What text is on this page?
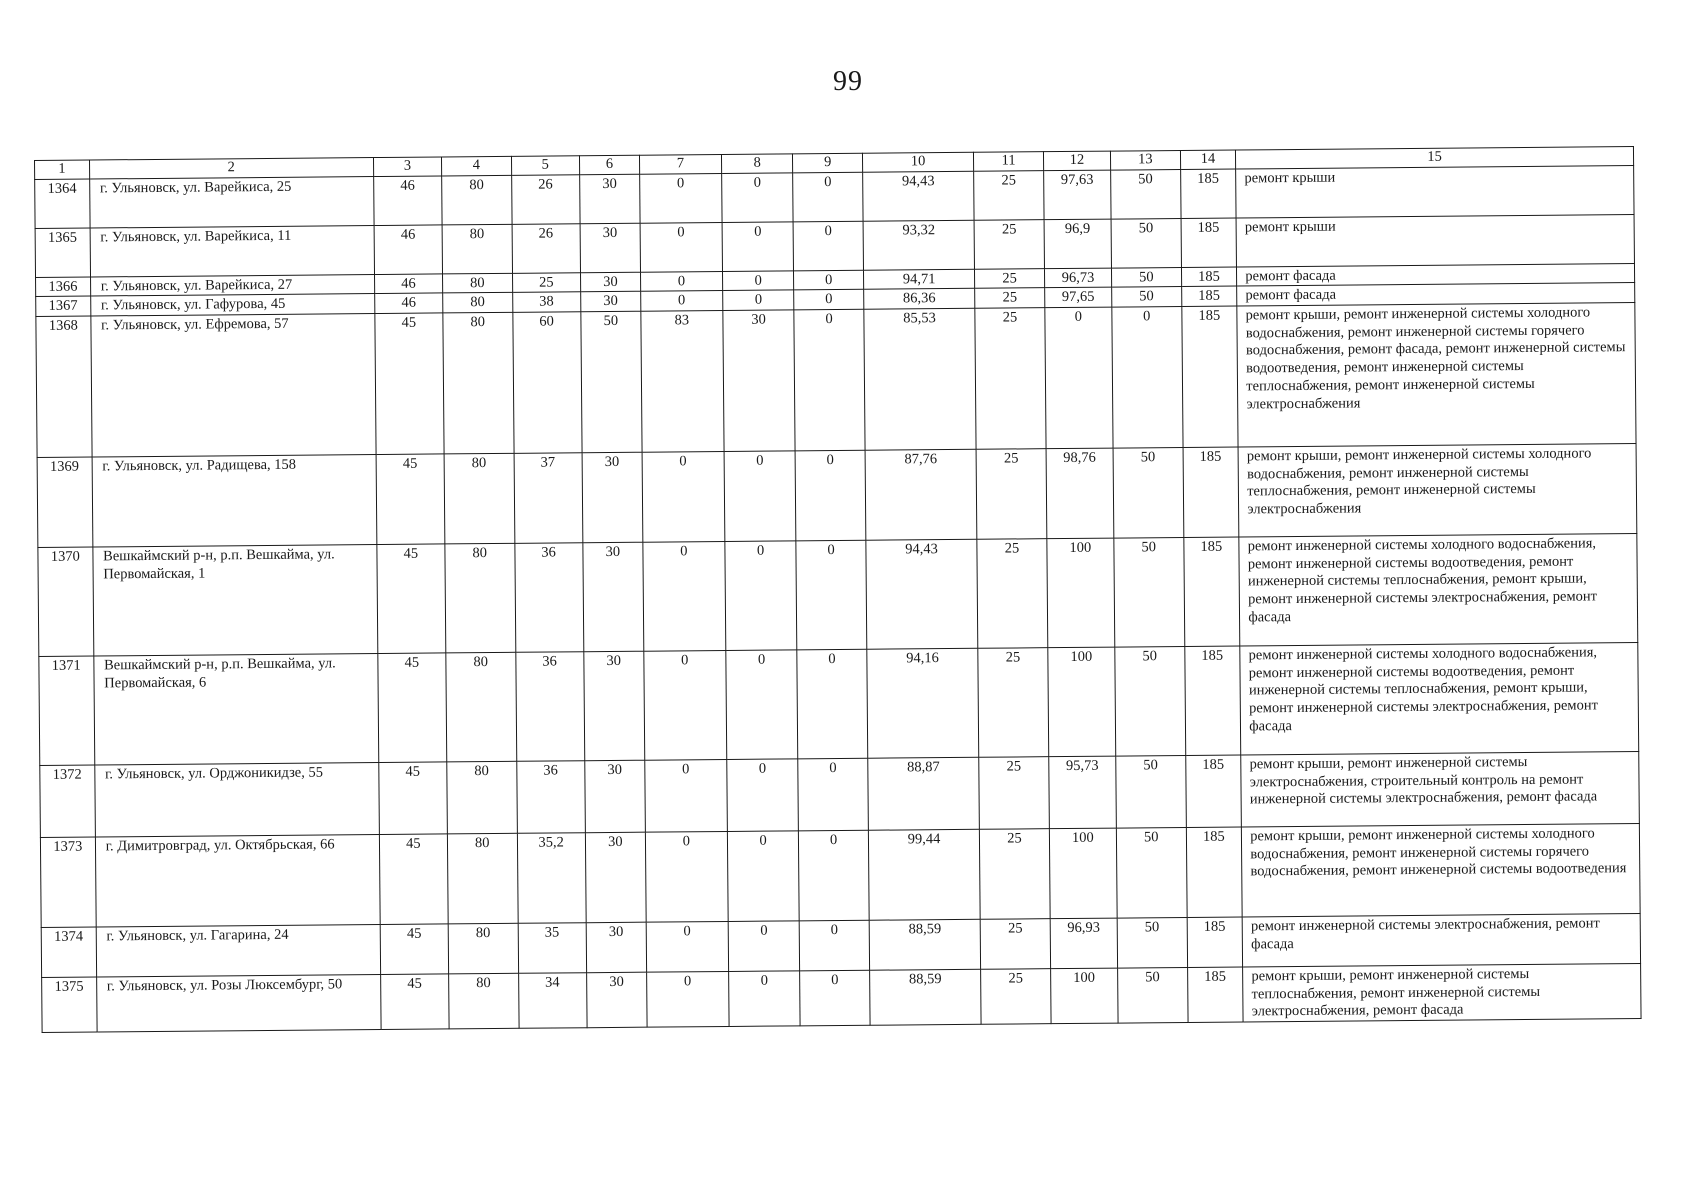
99
1	2	3	4	5	6	7	8	9	10	11	12	13	14	15
1364	г. Ульяновск, ул. Варейкиса, 25	46	80	26	30	0	0	0	94,43	25	97,63	50	185	ремонт крыши
1365	г. Ульяновск, ул. Варейкиса, 11	46	80	26	30	0	0	0	93,32	25	96,9	50	185	ремонт крыши
1366	г. Ульяновск, ул. Варейкиса, 27	46	80	25	30	0	0	0	94,71	25	96,73	50	185	ремонт фасада
1367	г. Ульяновск, ул. Гафурова, 45	46	80	38	30	0	0	0	86,36	25	97,65	50	185	ремонт фасада
1368	г. Ульяновск, ул. Ефремова, 57	45	80	60	50	83	30	0	85,53	25	0	0	185	ремонт крыши, ремонт инженерной системы холодного водоснабжения, ремонт инженерной системы горячего водоснабжения, ремонт фасада, ремонт инженерной системы водоотведения, ремонт инженерной системы теплоснабжения, ремонт инженерной системы электроснабжения
1369	г. Ульяновск, ул. Радищева, 158	45	80	37	30	0	0	0	87,76	25	98,76	50	185	ремонт крыши, ремонт инженерной системы холодного водоснабжения, ремонт инженерной системы теплоснабжения, ремонт инженерной системы электроснабжения
1370	Вешкаймский р-н, р.п. Вешкайма, ул. Первомайская, 1	45	80	36	30	0	0	0	94,43	25	100	50	185	ремонт инженерной системы холодного водоснабжения, ремонт инженерной системы водоотведения, ремонт инженерной системы теплоснабжения, ремонт крыши, ремонт инженерной системы электроснабжения, ремонт фасада
1371	Вешкаймский р-н, р.п. Вешкайма, ул. Первомайская, 6	45	80	36	30	0	0	0	94,16	25	100	50	185	ремонт инженерной системы холодного водоснабжения, ремонт инженерной системы водоотведения, ремонт инженерной системы теплоснабжения, ремонт крыши, ремонт инженерной системы электроснабжения, ремонт фасада
1372	г. Ульяновск, ул. Орджоникидзе, 55	45	80	36	30	0	0	0	88,87	25	95,73	50	185	ремонт крыши, ремонт инженерной системы электроснабжения, строительный контроль на ремонт инженерной системы электроснабжения, ремонт фасада
1373	г. Димитровград, ул. Октябрьская, 66	45	80	35,2	30	0	0	0	99,44	25	100	50	185	ремонт крыши, ремонт инженерной системы холодного водоснабжения, ремонт инженерной системы горячего водоснабжения, ремонт инженерной системы водоотведения
1374	г. Ульяновск, ул. Гагарина, 24	45	80	35	30	0	0	0	88,59	25	96,93	50	185	ремонт инженерной системы электроснабжения, ремонт фасада
1375	г. Ульяновск, ул. Розы Люксембург, 50	45	80	34	30	0	0	0	88,59	25	100	50	185	ремонт крыши, ремонт инженерной системы теплоснабжения, ремонт инженерной системы электроснабжения, ремонт фасада
